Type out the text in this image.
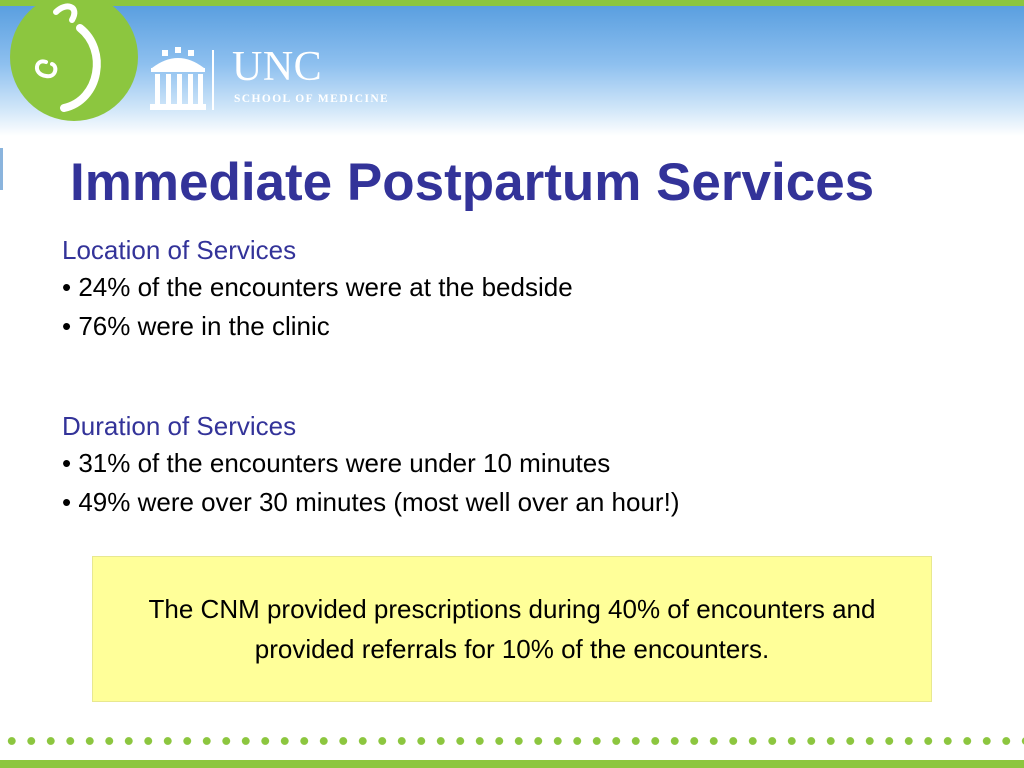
UNC
SCHOOL OF MEDICINE
Immediate Postpartum Services
Location of Services
• 24% of the encounters were at the bedside
• 76% were in the clinic
Duration of Services
• 31% of the encounters were under 10 minutes
• 49% were over 30 minutes (most well over an hour!)
The CNM provided prescriptions during 40% of encounters and provided referrals for 10% of the encounters.
